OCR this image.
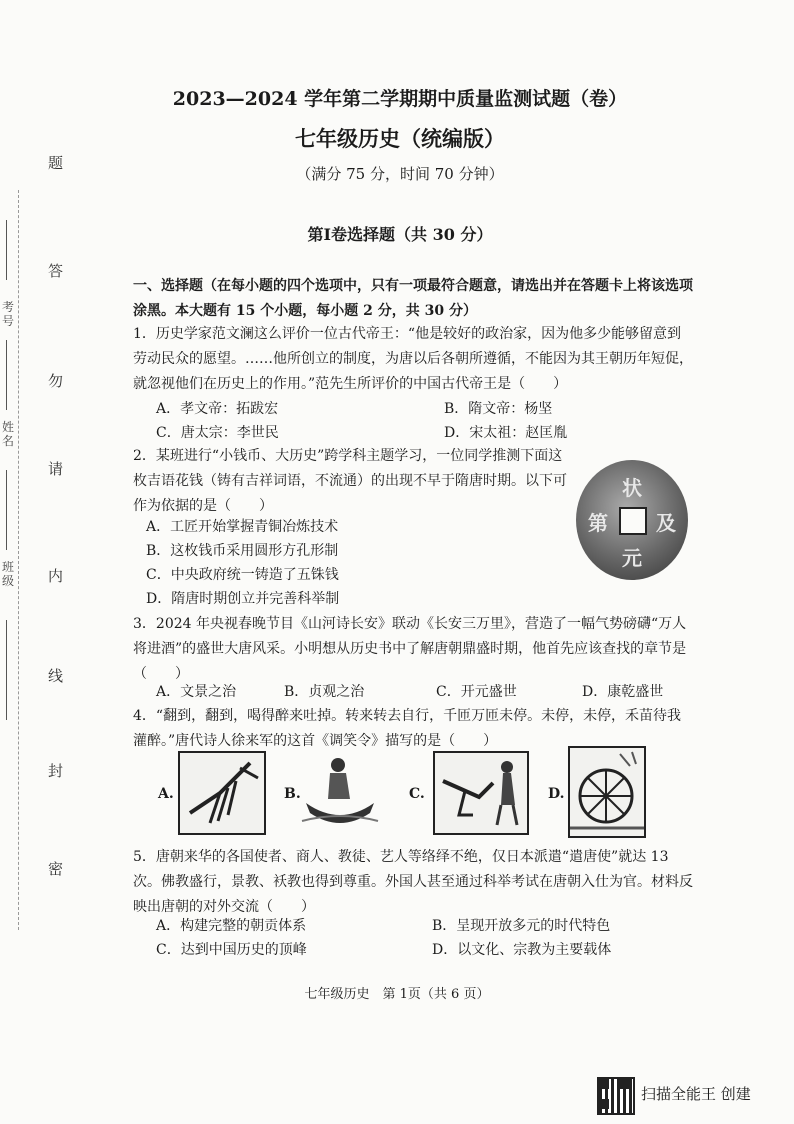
题
答
勿
请
内
线
封
密
考号
姓名
班级
2023—2024 学年第二学期期中质量监测试题（卷）
七年级历史（统编版）
（满分 75 分，时间 70 分钟）
第Ⅰ卷选择题（共 30 分）
一、选择题（在每小题的四个选项中，只有一项最符合题意，请选出并在答题卡上将该选项涂黑。本大题有 15 个小题，每小题 2 分，共 30 分）
1．历史学家范文澜这么评价一位古代帝王：“他是较好的政治家，因为他多少能够留意到劳动民众的愿望。……他所创立的制度，为唐以后各朝所遵循，不能因为其王朝历年短促，就忽视他们在历史上的作用。”范先生所评价的中国古代帝王是（　　）
A．孝文帝：拓跋宏	B．隋文帝：杨坚
C．唐太宗：李世民	D．宋太祖：赵匡胤
2．某班进行“小钱币、大历史”跨学科主题学习，一位同学推测下面这枚吉语花钱（铸有吉祥词语，不流通）的出现不早于隋唐时期。以下可作为依据的是（　　）
A．工匠开始掌握青铜冶炼技术
B．这枚钱币采用圆形方孔形制
C．中央政府统一铸造了五铢钱
D．隋唐时期创立并完善科举制
状
元
及
第
3．2024 年央视春晚节目《山河诗长安》联动《长安三万里》，营造了一幅气势磅礴“万人将进酒”的盛世大唐风采。小明想从历史书中了解唐朝鼎盛时期，他首先应该查找的章节是（　　）
A．文景之治	B．贞观之治	C．开元盛世	D．康乾盛世
4．“翻到，翻到，喝得醉来吐掉。转来转去自行，千匝万匝未停。未停，未停，禾苗待我灌醉。”唐代诗人徐来军的这首《调笑令》描写的是（　　）
A.	B.	C.	D.
5．唐朝来华的各国使者、商人、教徒、艺人等络绎不绝，仅日本派遣“遣唐使”就达 13 次。佛教盛行，景教、袄教也得到尊重。外国人甚至通过科举考试在唐朝入仕为官。材料反映出唐朝的对外交流（　　）
A．构建完整的朝贡体系	B．呈现开放多元的时代特色
C．达到中国历史的顶峰	D．以文化、宗教为主要载体
七年级历史　第 1页（共 6 页）
扫描全能王 创建
